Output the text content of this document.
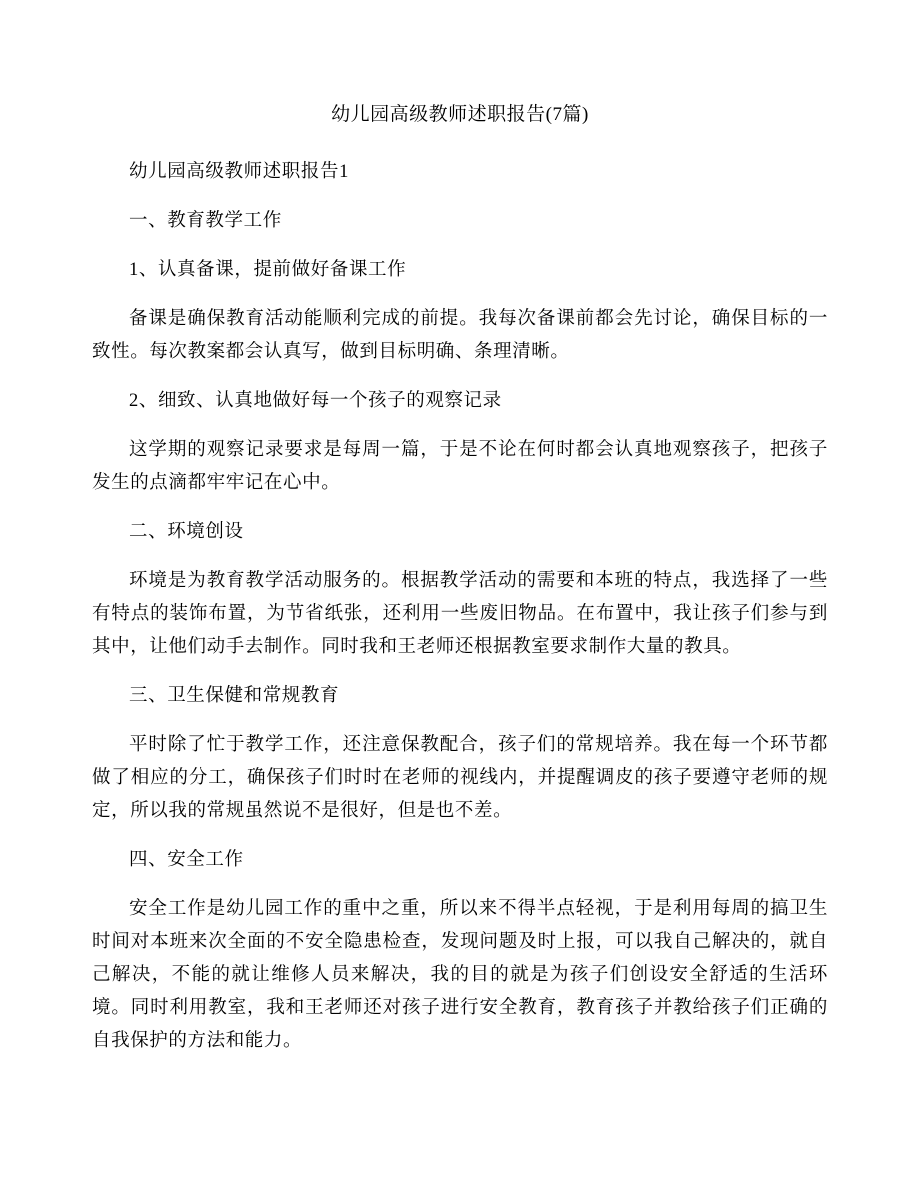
幼儿园高级教师述职报告(7篇)

幼儿园高级教师述职报告1

一、教育教学工作

1、认真备课，提前做好备课工作

备课是确保教育活动能顺利完成的前提。我每次备课前都会先讨论，确保目标的一致性。每次教案都会认真写，做到目标明确、条理清晰。

2、细致、认真地做好每一个孩子的观察记录

这学期的观察记录要求是每周一篇，于是不论在何时都会认真地观察孩子，把孩子发生的点滴都牢牢记在心中。

二、环境创设

环境是为教育教学活动服务的。根据教学活动的需要和本班的特点，我选择了一些有特点的装饰布置，为节省纸张，还利用一些废旧物品。在布置中，我让孩子们参与到其中，让他们动手去制作。同时我和王老师还根据教室要求制作大量的教具。

三、卫生保健和常规教育

平时除了忙于教学工作，还注意保教配合，孩子们的常规培养。我在每一个环节都做了相应的分工，确保孩子们时时在老师的视线内，并提醒调皮的孩子要遵守老师的规定，所以我的常规虽然说不是很好，但是也不差。

四、安全工作

安全工作是幼儿园工作的重中之重，所以来不得半点轻视，于是利用每周的搞卫生时间对本班来次全面的不安全隐患检查，发现问题及时上报，可以我自己解决的，就自己解决，不能的就让维修人员来解决，我的目的就是为孩子们创设安全舒适的生活环境。同时利用教室，我和王老师还对孩子进行安全教育，教育孩子并教给孩子们正确的自我保护的方法和能力。
